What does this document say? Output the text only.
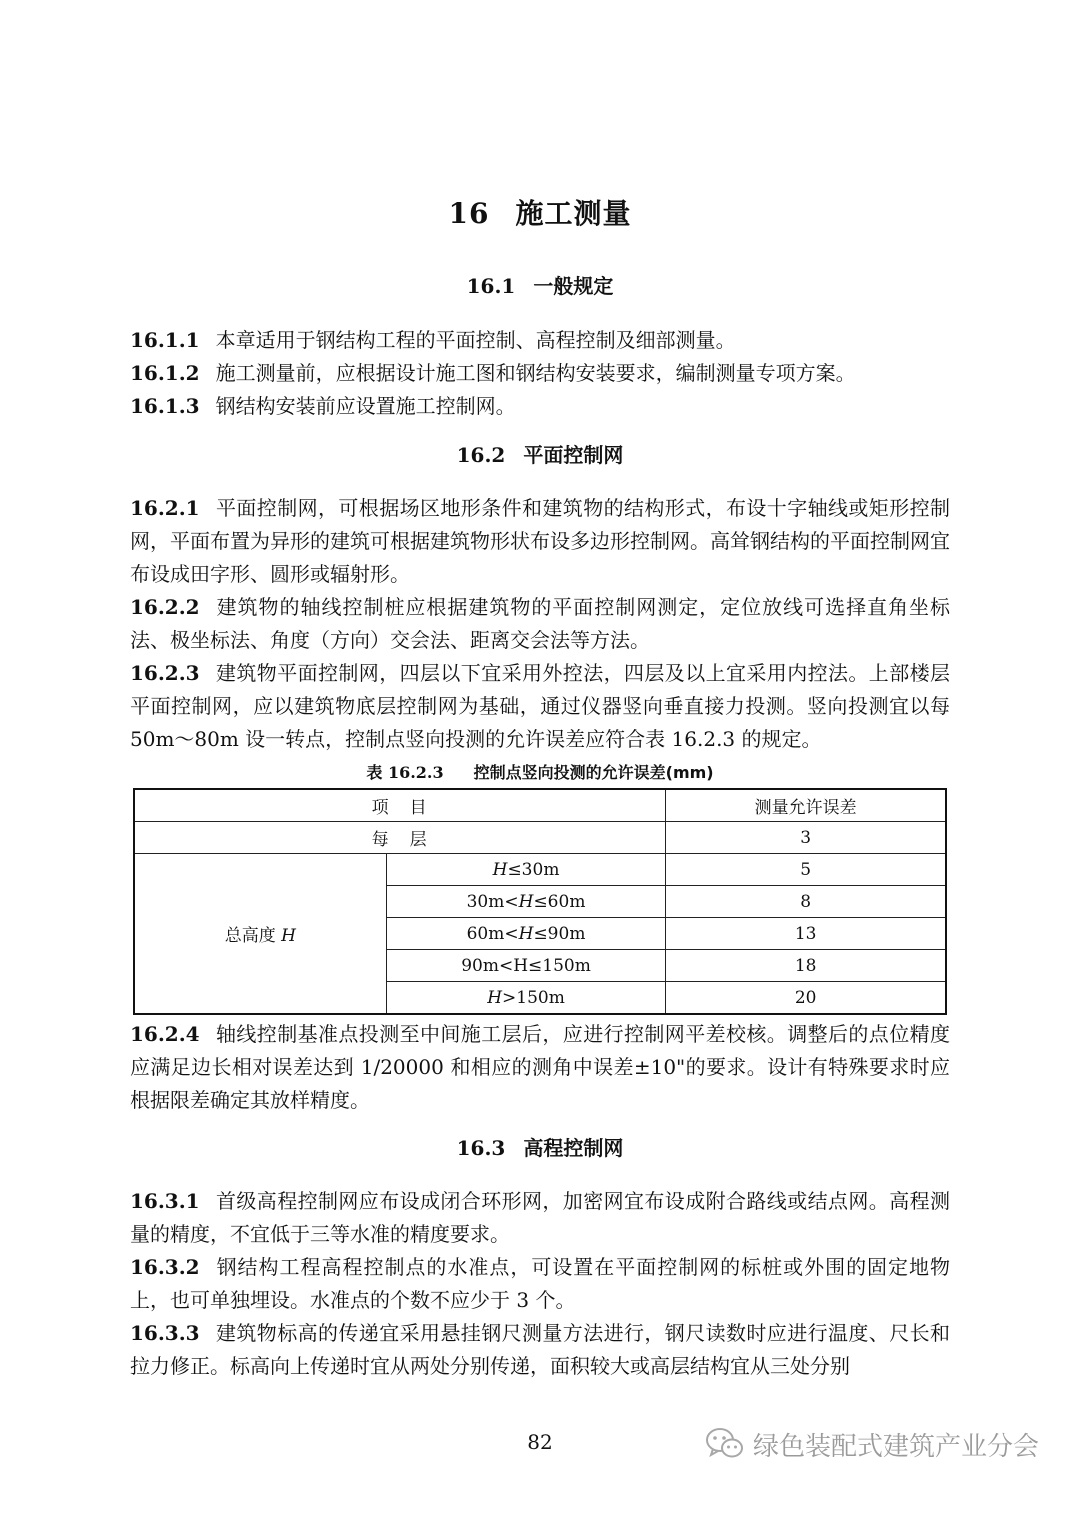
16 施工测量
16.1 一般规定
16.1.1 本章适用于钢结构工程的平面控制、高程控制及细部测量。
16.1.2 施工测量前，应根据设计施工图和钢结构安装要求，编制测量专项方案。
16.1.3 钢结构安装前应设置施工控制网。
16.2 平面控制网
16.2.1 平面控制网，可根据场区地形条件和建筑物的结构形式，布设十字轴线或矩形控制网，平面布置为异形的建筑可根据建筑物形状布设多边形控制网。高耸钢结构的平面控制网宜布设成田字形、圆形或辐射形。
16.2.2 建筑物的轴线控制桩应根据建筑物的平面控制网测定，定位放线可选择直角坐标法、极坐标法、角度（方向）交会法、距离交会法等方法。
16.2.3 建筑物平面控制网，四层以下宜采用外控法，四层及以上宜采用内控法。上部楼层平面控制网，应以建筑物底层控制网为基础，通过仪器竖向垂直接力投测。竖向投测宜以每 50m～80m 设一转点，控制点竖向投测的允许误差应符合表 16.2.3 的规定。
表 16.2.3 控制点竖向投测的允许误差(mm)
项　目		测量允许误差
每　层		3
总高度 H	H≤30m	5
	30m<H≤60m	8
	60m<H≤90m	13
	90m<H≤150m	18
	H>150m	20
16.2.4 轴线控制基准点投测至中间施工层后，应进行控制网平差校核。调整后的点位精度应满足边长相对误差达到 1/20000 和相应的测角中误差±10"的要求。设计有特殊要求时应根据限差确定其放样精度。
16.3 高程控制网
16.3.1 首级高程控制网应布设成闭合环形网，加密网宜布设成附合路线或结点网。高程测量的精度，不宜低于三等水准的精度要求。
16.3.2 钢结构工程高程控制点的水准点，可设置在平面控制网的标桩或外围的固定地物上，也可单独埋设。水准点的个数不应少于 3 个。
16.3.3 建筑物标高的传递宜采用悬挂钢尺测量方法进行，钢尺读数时应进行温度、尺长和拉力修正。标高向上传递时宜从两处分别传递，面积较大或高层结构宜从三处分别
82	绿色装配式建筑产业分会
